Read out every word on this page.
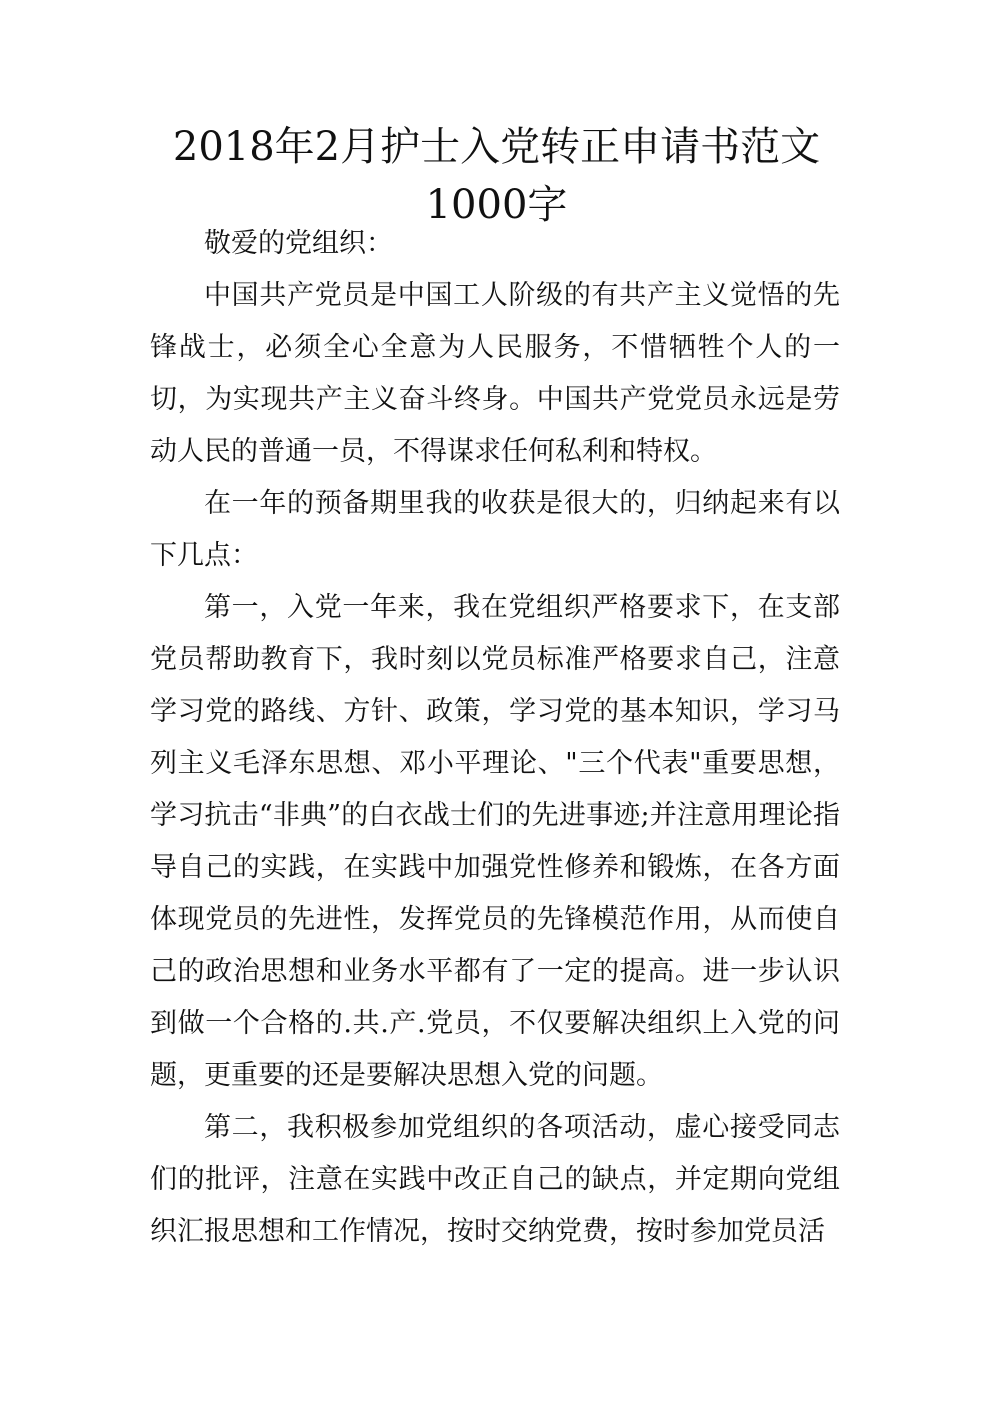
2018年2月护士入党转正申请书范文1000字

敬爱的党组织：

中国共产党员是中国工人阶级的有共产主义觉悟的先锋战士，必须全心全意为人民服务，不惜牺牲个人的一切，为实现共产主义奋斗终身。中国共产党党员永远是劳动人民的普通一员，不得谋求任何私利和特权。

在一年的预备期里我的收获是很大的，归纳起来有以下几点：

第一，入党一年来，我在党组织严格要求下，在支部党员帮助教育下，我时刻以党员标准严格要求自己，注意学习党的路线、方针、政策，学习党的基本知识，学习马列主义毛泽东思想、邓小平理论、"三个代表"重要思想，学习抗击“非典”的白衣战士们的先进事迹;并注意用理论指导自己的实践，在实践中加强党性修养和锻炼，在各方面体现党员的先进性，发挥党员的先锋模范作用，从而使自己的政治思想和业务水平都有了一定的提高。进一步认识到做一个合格的.共.产.党员，不仅要解决组织上入党的问题，更重要的还是要解决思想入党的问题。

第二，我积极参加党组织的各项活动，虚心接受同志们的批评，注意在实践中改正自己的缺点，并定期向党组织汇报思想和工作情况，按时交纳党费，按时参加党员活
